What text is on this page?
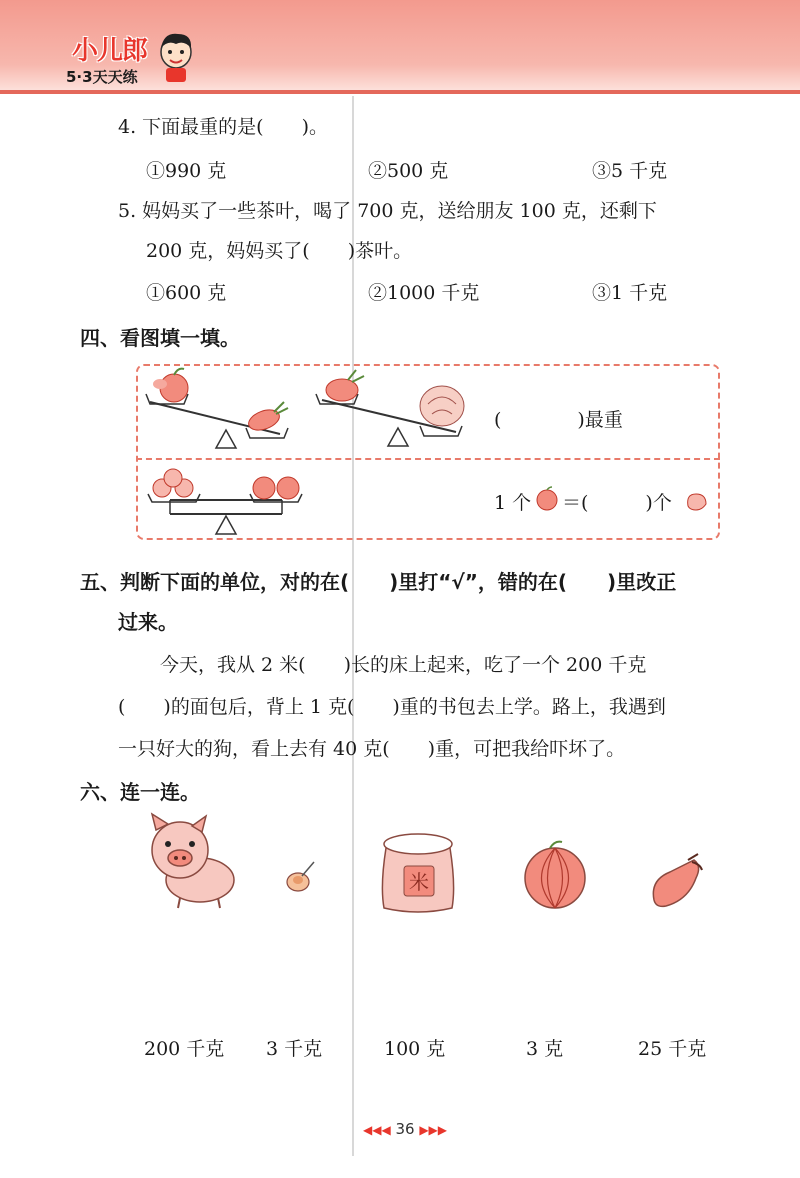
小儿郎
5·3天天练
4. 下面最重的是(　　)。
①990 克	②500 克	③5 千克
5. 妈妈买了一些茶叶，喝了 700 克，送给朋友 100 克，还剩下
200 克，妈妈买了(　　)茶叶。
①600 克	②1000 千克	③1 千克
四、看图填一填。
(　　　　)最重
1 个 ＝(　　　)个
五、判断下面的单位，对的在(　　)里打“√”，错的在(　　)里改正
过来。
今天，我从 2 米(　　)长的床上起来，吃了一个 200 千克
(　　)的面包后，背上 1 克(　　)重的书包去上学。路上，我遇到
一只好大的狗，看上去有 40 克(　　)重，可把我给吓坏了。
六、连一连。
米
200 千克 3 千克	100 克	3 克	25 千克
◀◀◀ 36 ▶▶▶
